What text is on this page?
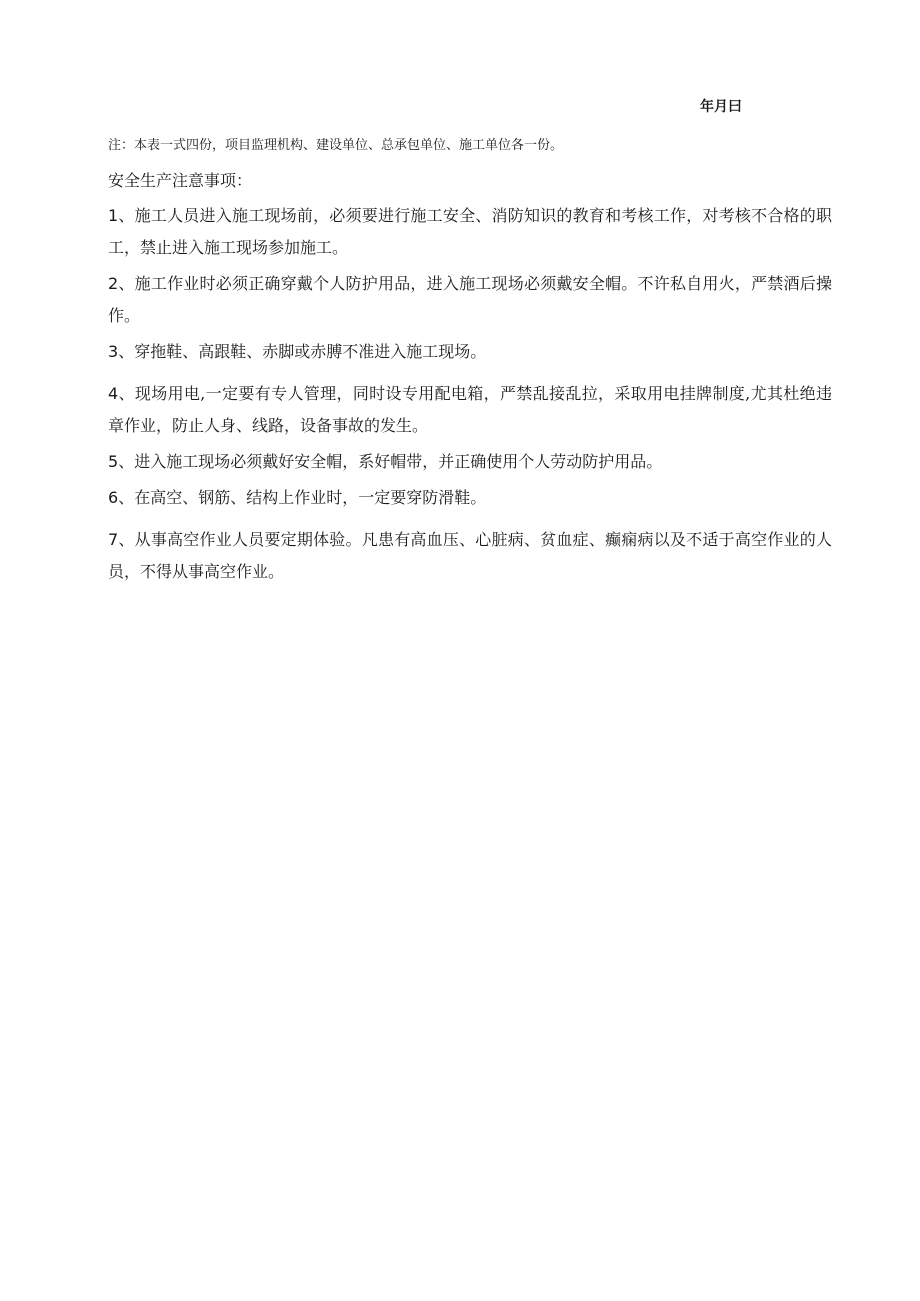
年月曰
注：本表一式四份，项目监理机构、建设单位、总承包单位、施工单位各一份。
安全生产注意事项：

1、施工人员进入施工现场前，必须要进行施工安全、消防知识的教育和考核工作，对考核不合格的职工，禁止进入施工现场参加施工。

2、施工作业时必须正确穿戴个人防护用品，进入施工现场必须戴安全帽。不许私自用火，严禁酒后操作。

3、穿拖鞋、高跟鞋、赤脚或赤膊不准进入施工现场。

4、现场用电,一定要有专人管理，同时设专用配电箱，严禁乱接乱拉，采取用电挂牌制度,尤其杜绝违章作业，防止人身、线路，设备事故的发生。

5、进入施工现场必须戴好安全帽，系好帽带，并正确使用个人劳动防护用品。

6、在高空、钢筋、结构上作业时，一定要穿防滑鞋。

7、从事高空作业人员要定期体验。凡患有高血压、心脏病、贫血症、癫痫病以及不适于高空作业的人员，不得从事高空作业。
